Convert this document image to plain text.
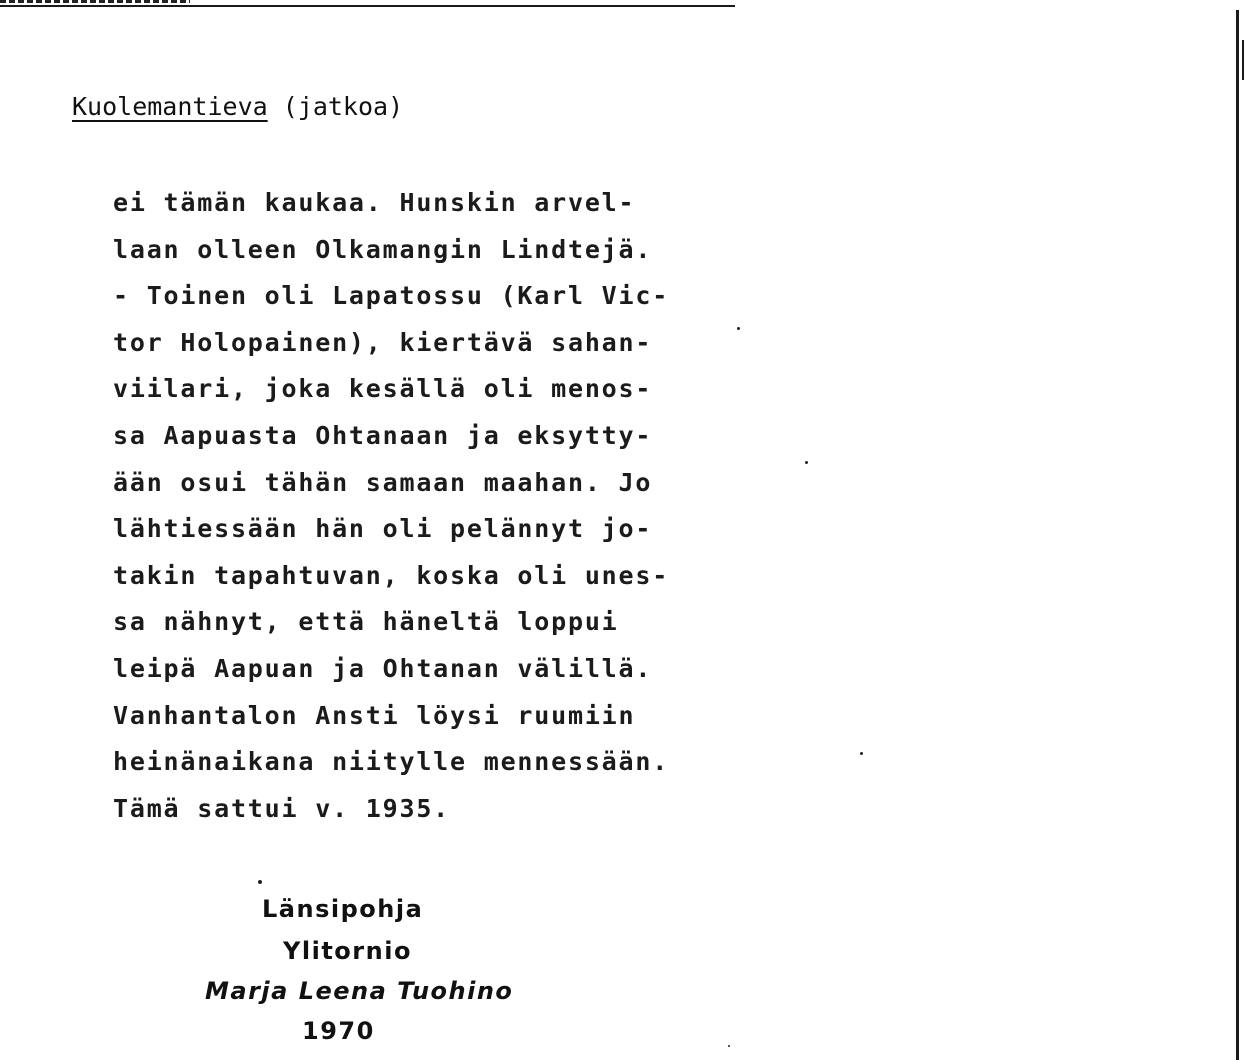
Kuolemantieva (jatkoa)
ei tämän kaukaa. Hunskin arvel-
laan olleen Olkamangin Lindtejä.
- Toinen oli Lapatossu (Karl Vic-
tor Holopainen), kiertävä sahan-
viilari, joka kesällä oli menos-
sa Aapuasta Ohtanaan ja eksytty-
ään osui tähän samaan maahan. Jo
lähtiessään hän oli pelännyt jo-
takin tapahtuvan, koska oli unes-
sa nähnyt, että häneltä loppui
leipä Aapuan ja Ohtanan välillä.
Vanhantalon Ansti löysi ruumiin
heinänaikana niitylle mennessään.
Tämä sattui v. 1935.
Länsipohja
Ylitornio
Marja Leena Tuohino
1970
